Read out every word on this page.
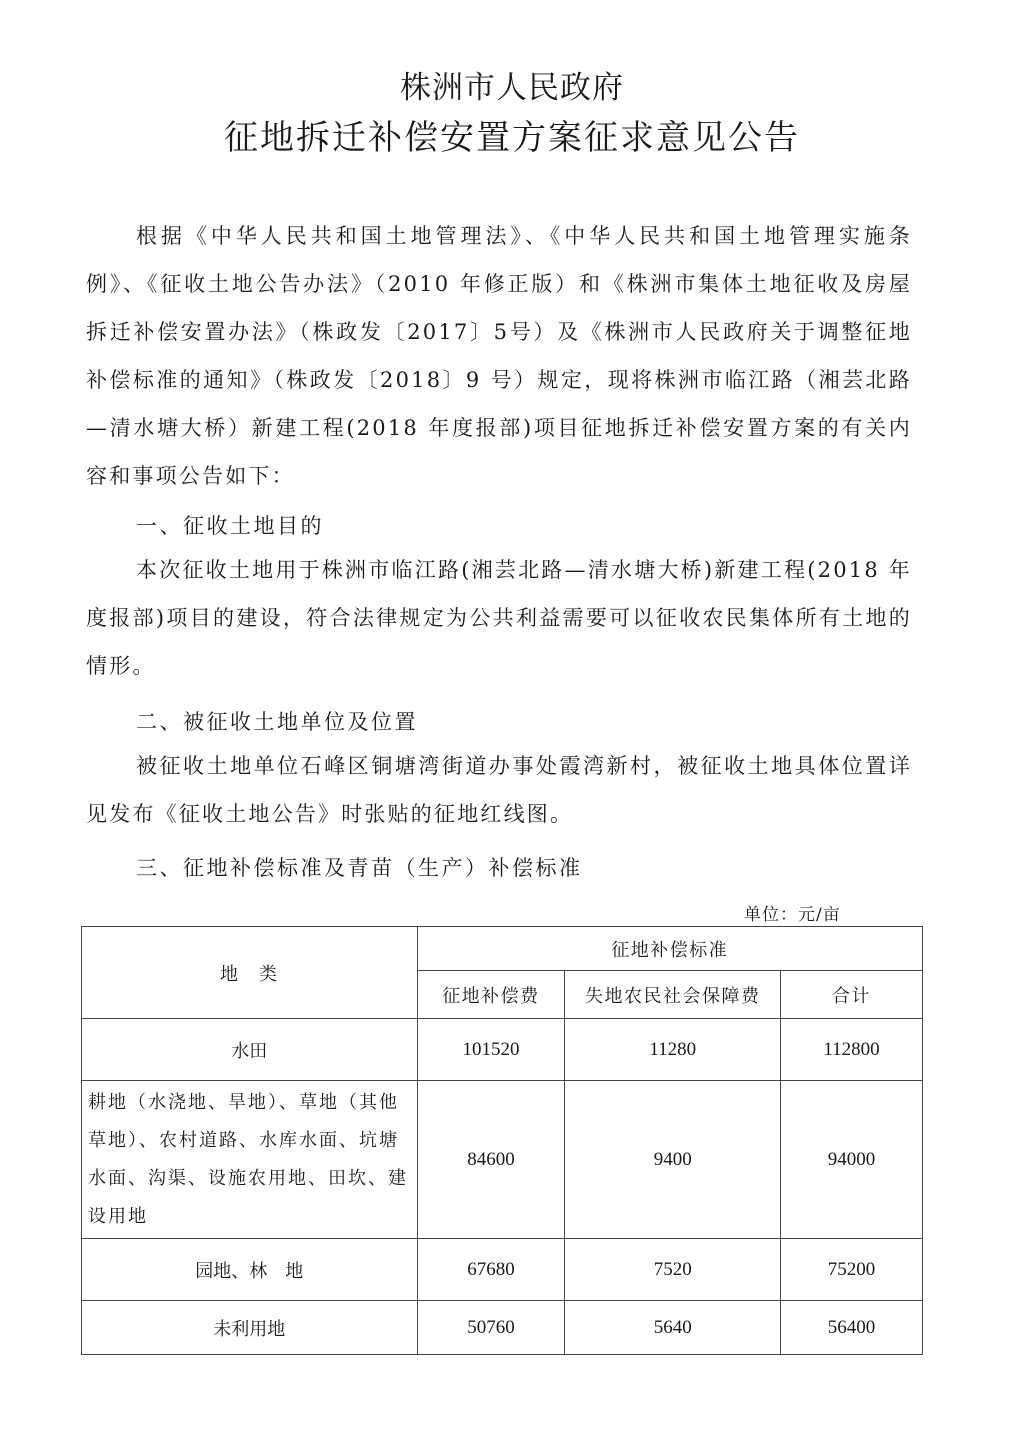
株洲市人民政府
征地拆迁补偿安置方案征求意见公告
根据《中华人民共和国土地管理法》、《中华人民共和国土地管理实施条例》、《征收土地公告办法》（2010 年修正版）和《株洲市集体土地征收及房屋拆迁补偿安置办法》（株政发〔2017〕5号）及《株洲市人民政府关于调整征地补偿标准的通知》（株政发〔2018〕9 号）规定，现将株洲市临江路（湘芸北路—清水塘大桥）新建工程(2018 年度报部)项目征地拆迁补偿安置方案的有关内容和事项公告如下：
一、征收土地目的
本次征收土地用于株洲市临江路(湘芸北路—清水塘大桥)新建工程(2018 年度报部)项目的建设，符合法律规定为公共利益需要可以征收农民集体所有土地的情形。
二、被征收土地单位及位置
被征收土地单位石峰区铜塘湾街道办事处霞湾新村，被征收土地具体位置详见发布《征收土地公告》时张贴的征地红线图。
三、征地补偿标准及青苗（生产）补偿标准
单位：元/亩
地　类	征地补偿标准		
	征地补偿费	失地农民社会保障费	合计
水田	101520	11280	112800
耕地（水浇地、旱地）、草地（其他草地）、农村道路、水库水面、坑塘水面、沟渠、设施农用地、田坎、建设用地	84600	9400	94000
园地、林　地	67680	7520	75200
未利用地	50760	5640	56400
